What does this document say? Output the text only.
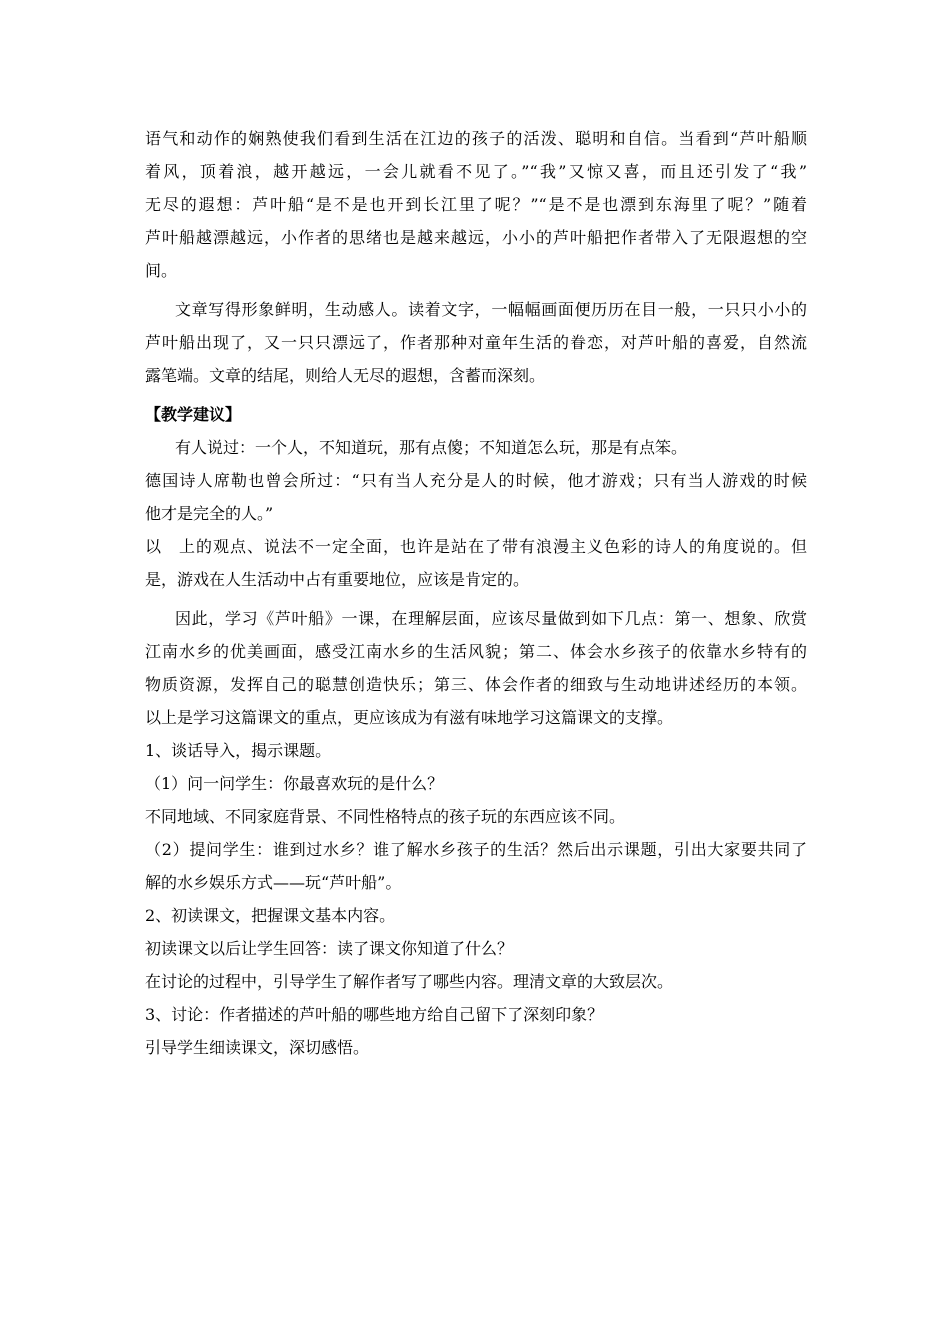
语气和动作的娴熟使我们看到生活在江边的孩子的活泼、聪明和自信。当看到“芦叶船顺

着风，顶着浪，越开越远，一会儿就看不见了。”“我”又惊又喜，而且还引发了“我”

无尽的遐想：芦叶船“是不是也开到长江里了呢？”“是不是也漂到东海里了呢？”随着

芦叶船越漂越远，小作者的思绪也是越来越远，小小的芦叶船把作者带入了无限遐想的空

间。

文章写得形象鲜明，生动感人。读着文字，一幅幅画面便历历在目一般，一只只小小的

芦叶船出现了，又一只只漂远了，作者那种对童年生活的眷恋，对芦叶船的喜爱，自然流

露笔端。文章的结尾，则给人无尽的遐想，含蓄而深刻。

【教学建议】

有人说过：一个人，不知道玩，那有点傻；不知道怎么玩，那是有点笨。

德国诗人席勒也曾会所过：“只有当人充分是人的时候，他才游戏；只有当人游戏的时候

他才是完全的人。”

以　上的观点、说法不一定全面，也许是站在了带有浪漫主义色彩的诗人的角度说的。但

是，游戏在人生活动中占有重要地位，应该是肯定的。

因此，学习《芦叶船》一课，在理解层面，应该尽量做到如下几点：第一、想象、欣赏

江南水乡的优美画面，感受江南水乡的生活风貌；第二、体会水乡孩子的依靠水乡特有的

物质资源，发挥自己的聪慧创造快乐；第三、体会作者的细致与生动地讲述经历的本领。

以上是学习这篇课文的重点，更应该成为有滋有味地学习这篇课文的支撑。

1、谈话导入，揭示课题。

（1）问一问学生：你最喜欢玩的是什么？

不同地域、不同家庭背景、不同性格特点的孩子玩的东西应该不同。

（2）提问学生：谁到过水乡？谁了解水乡孩子的生活？然后出示课题，引出大家要共同了

解的水乡娱乐方式——玩“芦叶船”。

2、初读课文，把握课文基本内容。

初读课文以后让学生回答：读了课文你知道了什么？

在讨论的过程中，引导学生了解作者写了哪些内容。理清文章的大致层次。

3、讨论：作者描述的芦叶船的哪些地方给自己留下了深刻印象？

引导学生细读课文，深切感悟。
